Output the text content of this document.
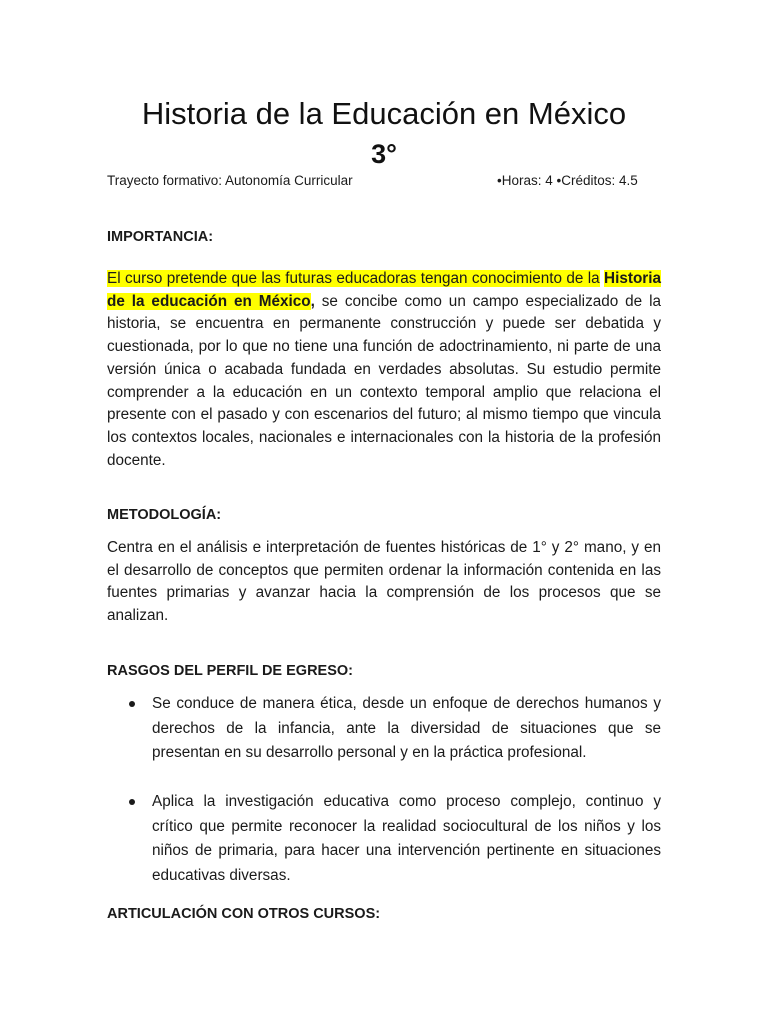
Historia de la Educación en México
3°
Trayecto formativo: Autonomía Curricular	•Horas: 4 •Créditos: 4.5
IMPORTANCIA:

El curso pretende que las futuras educadoras tengan conocimiento de la Historia de la educación en México, se concibe como un campo especializado de la historia, se encuentra en permanente construcción y puede ser debatida y cuestionada, por lo que no tiene una función de adoctrinamiento, ni parte de una versión única o acabada fundada en verdades absolutas. Su estudio permite comprender a la educación en un contexto temporal amplio que relaciona el presente con el pasado y con escenarios del futuro; al mismo tiempo que vincula los contextos locales, nacionales e internacionales con la historia de la profesión docente.

METODOLOGÍA:

Centra en el análisis e interpretación de fuentes históricas de 1° y 2° mano, y en el desarrollo de conceptos que permiten ordenar la información contenida en las fuentes primarias y avanzar hacia la comprensión de los procesos que se analizan.

RASGOS DEL PERFIL DE EGRESO:
Se conduce de manera ética, desde un enfoque de derechos humanos y derechos de la infancia, ante la diversidad de situaciones que se presentan en su desarrollo personal y en la práctica profesional.
Aplica la investigación educativa como proceso complejo, continuo y crítico que permite reconocer la realidad sociocultural de los niños y los niños de primaria, para hacer una intervención pertinente en situaciones educativas diversas.
ARTICULACIÓN CON OTROS CURSOS:
